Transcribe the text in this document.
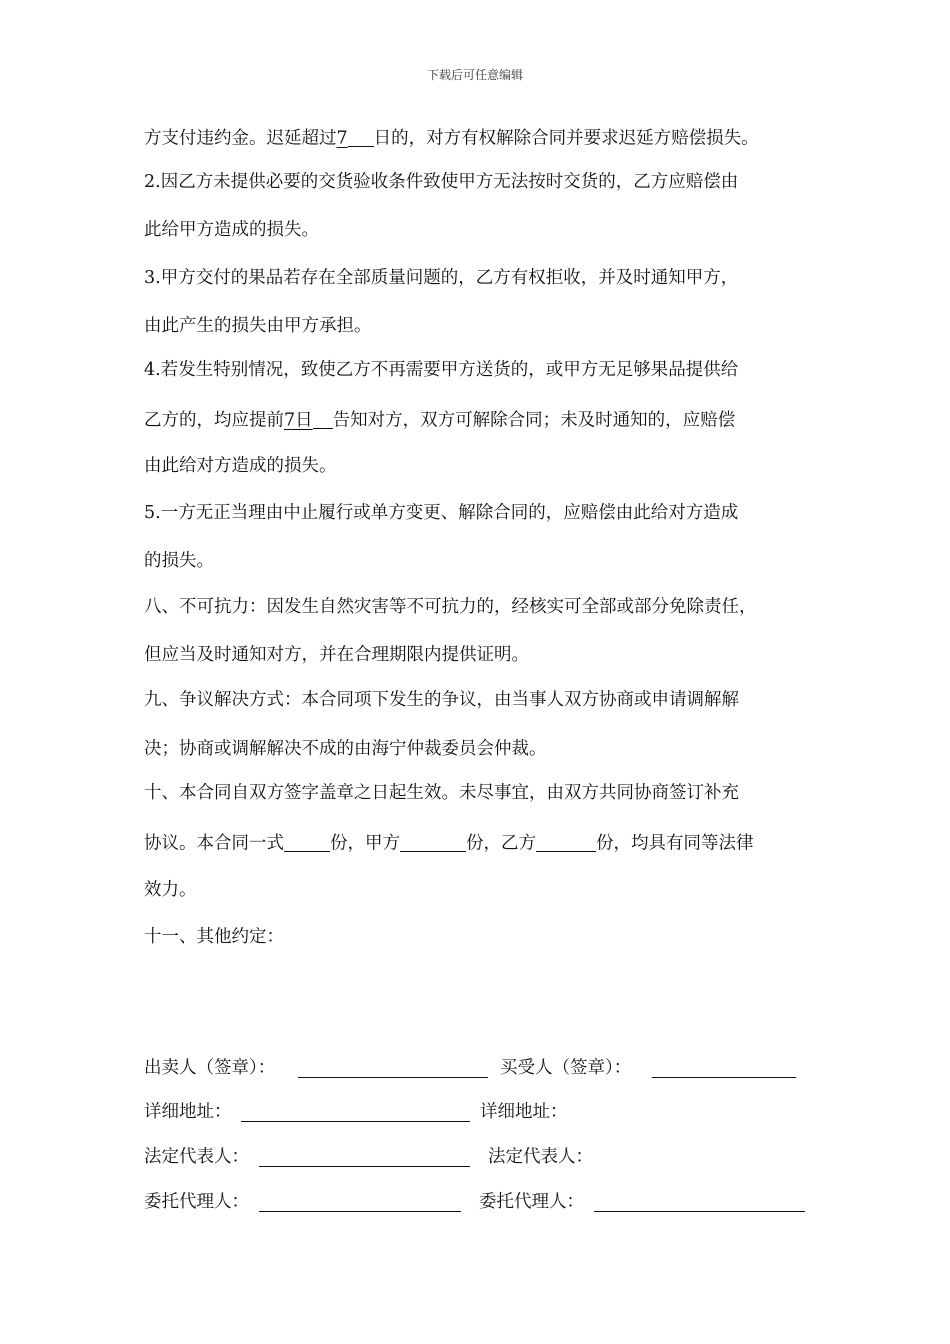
下载后可任意编辑
方支付违约金。迟延超过7 日的，对方有权解除合同并要求迟延方赔偿损失。
2.因乙方未提供必要的交货验收条件致使甲方无法按时交货的，乙方应赔偿由
此给甲方造成的损失。
3.甲方交付的果品若存在全部质量问题的，乙方有权拒收，并及时通知甲方，
由此产生的损失由甲方承担。
4.若发生特别情况，致使乙方不再需要甲方送货的，或甲方无足够果品提供给
乙方的，均应提前7日 告知对方，双方可解除合同；未及时通知的，应赔偿
由此给对方造成的损失。
5.一方无正当理由中止履行或单方变更、解除合同的，应赔偿由此给对方造成
的损失。
八、不可抗力：因发生自然灾害等不可抗力的，经核实可全部或部分免除责任，
但应当及时通知对方，并在合理期限内提供证明。
九、争议解决方式：本合同项下发生的争议，由当事人双方协商或申请调解解
决；协商或调解解决不成的由海宁仲裁委员会仲裁。
十、本合同自双方签字盖章之日起生效。未尽事宜，由双方共同协商签订补充
协议。本合同一式	份，甲方	份，乙方	份，均具有同等法律
效力。
十一、其他约定：
出卖人（签章）：	买受人（签章）：
详细地址：	详细地址：
法定代表人：	法定代表人：
委托代理人：	委托代理人：
